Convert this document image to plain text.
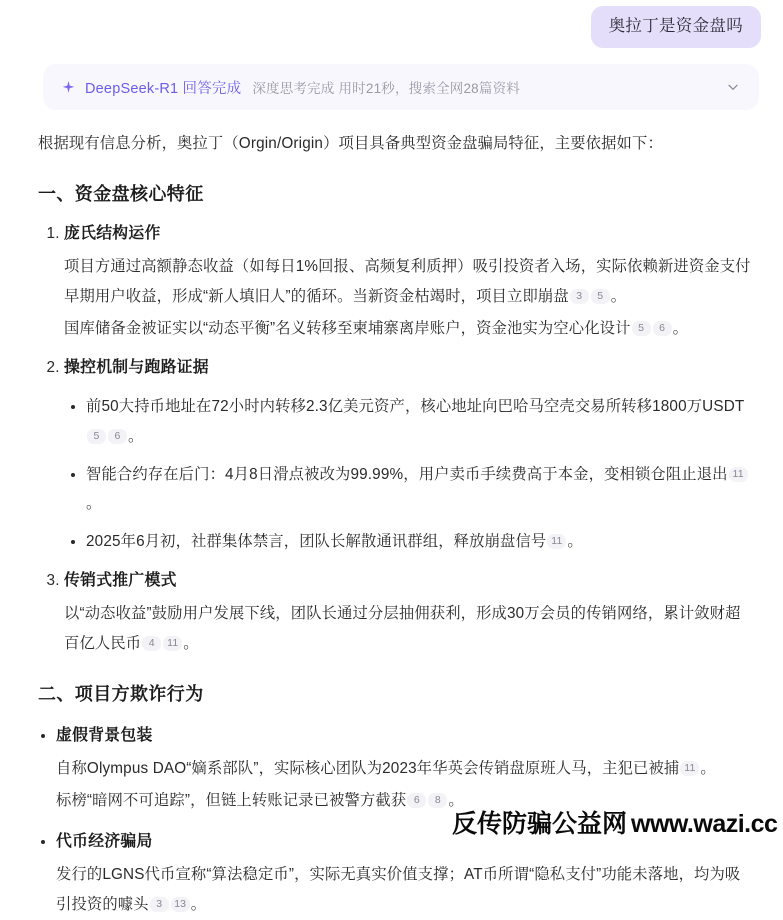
奥拉丁是资金盘吗
DeepSeek-R1 回答完成 深度思考完成 用时21秒，搜索全网28篇资料

根据现有信息分析，奥拉丁（Orgin/Origin）项目具备典型资金盘骗局特征，主要依据如下：

一、资金盘核心特征
1. 庞氏结构运作
项目方通过高额静态收益（如每日1%回报、高频复利质押）吸引投资者入场，实际依赖新进资金支付早期用户收益，形成“新人填旧人”的循环。当新资金枯竭时，项目立即崩盘 3 5 。
国库储备金被证实以“动态平衡”名义转移至柬埔寨离岸账户，资金池实为空心化设计 5 6 。
2. 操控机制与跑路证据
• 前50大持币地址在72小时内转移2.3亿美元资产，核心地址向巴哈马空壳交易所转移1800万USDT5 6 。
• 智能合约存在后门：4月8日滑点被改为99.99%，用户卖币手续费高于本金，变相锁仓阻止退出 11。
• 2025年6月初，社群集体禁言，团队长解散通讯群组，释放崩盘信号 11 。
3. 传销式推广模式
以“动态收益”鼓励用户发展下线，团队长通过分层抽佣获利，形成30万会员的传销网络，累计敛财超百亿人民币 4 11 。
二、项目方欺诈行为
• 虚假背景包装
自称Olympus DAO“嫡系部队”，实际核心团队为2023年华英会传销盘原班人马，主犯已被捕 11 。
标榜“暗网不可追踪”，但链上转账记录已被警方截获 6 8 。
• 代币经济骗局
发行的LGNS代币宣称“算法稳定币”，实际无真实价值支撑；AT币所谓“隐私支付”功能未落地，均为吸引投资的噱头 3 13 。
反传防骗公益网 www.wazi.cc
